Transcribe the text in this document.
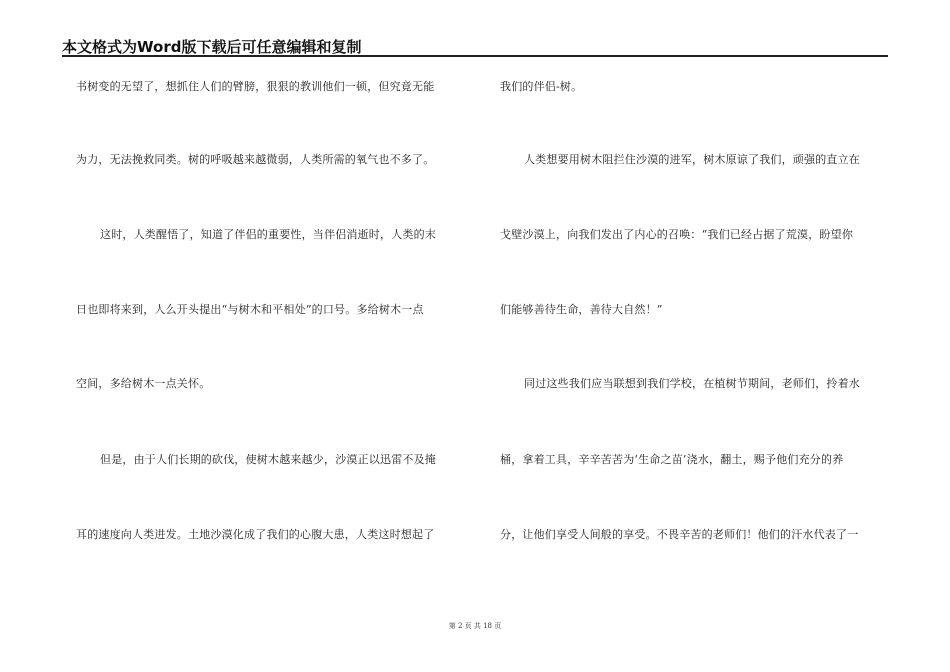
本文格式为Word版下载后可任意编辑和复制
书树变的无望了，想抓住人们的臂膀，狠狠的教训他们一顿，但究竟无能
为力，无法挽救同类。树的呼吸越来越微弱，人类所需的氧气也不多了。
这时，人类醒悟了，知道了伴侣的重要性，当伴侣消逝时，人类的末
日也即将来到，人么开头提出“与树木和平相处”的口号。多给树木一点
空间，多给树木一点关怀。
但是，由于人们长期的砍伐，使树木越来越少，沙漠正以迅雷不及掩
耳的速度向人类进发。土地沙漠化成了我们的心腹大患，人类这时想起了
我们的伴侣-树。
人类想要用树木阻拦住沙漠的进军，树木原谅了我们，顽强的直立在
戈壁沙漠上，向我们发出了内心的召唤：“我们已经占据了荒漠，盼望你
们能够善待生命，善待大自然！”
同过这些我们应当联想到我们学校，在植树节期间，老师们，拎着水
桶，拿着工具，辛辛苦苦为‘生命之苗’浇水，翻土，赐予他们充分的养
分，让他们享受人间般的享受。不畏辛苦的老师们！他们的汗水代表了一
第 2 页 共 18 页
